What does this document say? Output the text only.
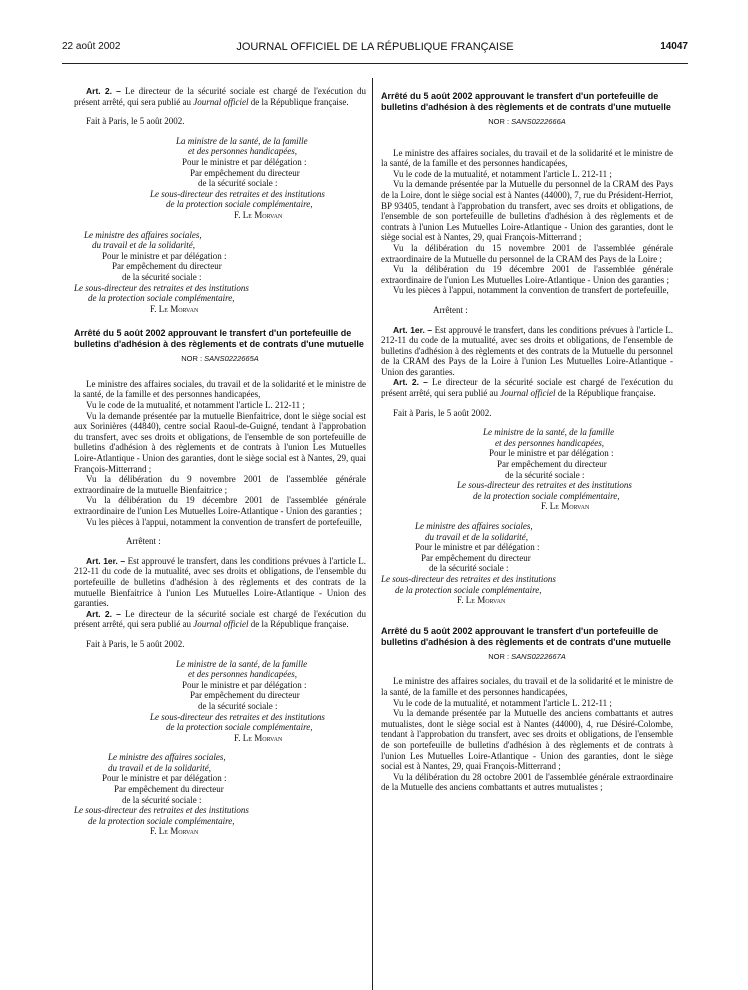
22 août 2002	JOURNAL OFFICIEL DE LA RÉPUBLIQUE FRANÇAISE	14047

Art. 2. – Le directeur de la sécurité sociale est chargé de l'exécution du présent arrêté, qui sera publié au Journal officiel de la République française.

Fait à Paris, le 5 août 2002.

La ministre de la santé, de la famille
et des personnes handicapées,
Pour le ministre et par délégation :
Par empêchement du directeur
de la sécurité sociale :
Le sous-directeur des retraites et des institutions
de la protection sociale complémentaire,
F. Le Morvan
Le ministre des affaires sociales,
du travail et de la solidarité,
Pour le ministre et par délégation :
Par empêchement du directeur
de la sécurité sociale :
Le sous-directeur des retraites et des institutions
de la protection sociale complémentaire,
F. Le Morvan
Arrêté du 5 août 2002 approuvant le transfert d'un portefeuille de bulletins d'adhésion à des règlements et de contrats d'une mutuelle
NOR : SANS0222665A

Le ministre des affaires sociales, du travail et de la solidarité et le ministre de la santé, de la famille et des personnes handicapées,

Vu le code de la mutualité, et notamment l'article L. 212-11 ;

Vu la demande présentée par la mutuelle Bienfaitrice, dont le siège social est aux Sorinières (44840), centre social Raoul-de-Guigné, tendant à l'approbation du transfert, avec ses droits et obligations, de l'ensemble de son portefeuille de bulletins d'adhésion à des règlements et de contrats à l'union Les Mutuelles Loire-Atlantique - Union des garanties, dont le siège social est à Nantes, 29, quai François-Mitterrand ;

Vu la délibération du 9 novembre 2001 de l'assemblée générale extraordinaire de la mutuelle Bienfaitrice ;

Vu la délibération du 19 décembre 2001 de l'assemblée générale extraordinaire de l'union Les Mutuelles Loire-Atlantique - Union des garanties ;

Vu les pièces à l'appui, notamment la convention de transfert de portefeuille,

Arrêtent :

Art. 1er. – Est approuvé le transfert, dans les conditions prévues à l'article L. 212-11 du code de la mutualité, avec ses droits et obligations, de l'ensemble du portefeuille de bulletins d'adhésion à des règlements et des contrats de la mutuelle Bienfaitrice à l'union Les Mutuelles Loire-Atlantique - Union des garanties.

Art. 2. – Le directeur de la sécurité sociale est chargé de l'exécution du présent arrêté, qui sera publié au Journal officiel de la République française.

Fait à Paris, le 5 août 2002.

Le ministre de la santé, de la famille
et des personnes handicapées,
Pour le ministre et par délégation :
Par empêchement du directeur
de la sécurité sociale :
Le sous-directeur des retraites et des institutions
de la protection sociale complémentaire,
F. Le Morvan
Le ministre des affaires sociales,
du travail et de la solidarité,
Pour le ministre et par délégation :
Par empêchement du directeur
de la sécurité sociale :
Le sous-directeur des retraites et des institutions
de la protection sociale complémentaire,
F. Le Morvan
Arrêté du 5 août 2002 approuvant le transfert d'un portefeuille de bulletins d'adhésion à des règlements et de contrats d'une mutuelle
NOR : SANS0222666A

Le ministre des affaires sociales, du travail et de la solidarité et le ministre de la santé, de la famille et des personnes handicapées,

Vu le code de la mutualité, et notamment l'article L. 212-11 ;

Vu la demande présentée par la Mutuelle du personnel de la CRAM des Pays de la Loire, dont le siège social est à Nantes (44000), 7, rue du Président-Herriot, BP 93405, tendant à l'approbation du transfert, avec ses droits et obligations, de l'ensemble de son portefeuille de bulletins d'adhésion à des règlements et de contrats à l'union Les Mutuelles Loire-Atlantique - Union des garanties, dont le siège social est à Nantes, 29, quai François-Mitterrand ;

Vu la délibération du 15 novembre 2001 de l'assemblée générale extraordinaire de la Mutuelle du personnel de la CRAM des Pays de la Loire ;

Vu la délibération du 19 décembre 2001 de l'assemblée générale extraordinaire de l'union Les Mutuelles Loire-Atlantique - Union des garanties ;

Vu les pièces à l'appui, notamment la convention de transfert de portefeuille,

Arrêtent :

Art. 1er. – Est approuvé le transfert, dans les conditions prévues à l'article L. 212-11 du code de la mutualité, avec ses droits et obligations, de l'ensemble de bulletins d'adhésion à des règlements et des contrats de la Mutuelle du personnel de la CRAM des Pays de la Loire à l'union Les Mutuelles Loire-Atlantique - Union des garanties.

Art. 2. – Le directeur de la sécurité sociale est chargé de l'exécution du présent arrêté, qui sera publié au Journal officiel de la République française.

Fait à Paris, le 5 août 2002.

Le ministre de la santé, de la famille
et des personnes handicapées,
Pour le ministre et par délégation :
Par empêchement du directeur
de la sécurité sociale :
Le sous-directeur des retraites et des institutions
de la protection sociale complémentaire,
F. Le Morvan
Le ministre des affaires sociales,
du travail et de la solidarité,
Pour le ministre et par délégation :
Par empêchement du directeur
de la sécurité sociale :
Le sous-directeur des retraites et des institutions
de la protection sociale complémentaire,
F. Le Morvan
Arrêté du 5 août 2002 approuvant le transfert d'un portefeuille de bulletins d'adhésion à des règlements et de contrats d'une mutuelle
NOR : SANS0222667A

Le ministre des affaires sociales, du travail et de la solidarité et le ministre de la santé, de la famille et des personnes handicapées,

Vu le code de la mutualité, et notamment l'article L. 212-11 ;

Vu la demande présentée par la Mutuelle des anciens combattants et autres mutualistes, dont le siège social est à Nantes (44000), 4, rue Désiré-Colombe, tendant à l'approbation du transfert, avec ses droits et obligations, de l'ensemble de son portefeuille de bulletins d'adhésion à des règlements et de contrats à l'union Les Mutuelles Loire-Atlantique - Union des garanties, dont le siège social est à Nantes, 29, quai François-Mitterrand ;

Vu la délibération du 28 octobre 2001 de l'assemblée générale extraordinaire de la Mutuelle des anciens combattants et autres mutualistes ;
